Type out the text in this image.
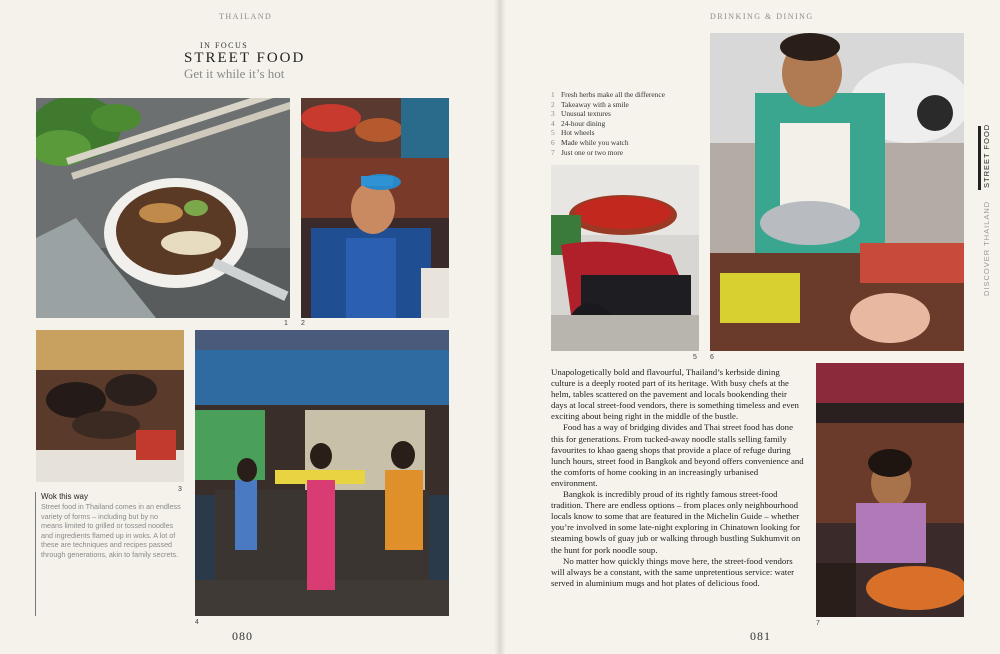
THAILAND
IN FOCUS
STREET FOOD
Get it while it’s hot
1 2
3
Wok this way
Street food in Thailand comes in an endless variety of forms – including but by no means limited to grilled or tossed noodles and ingredients flamed up in woks. A lot of these are techniques and recipes passed through generations, akin to family secrets.
4
080
DRINKING & DINING
1 Fresh herbs make all the difference
2 Takeaway with a smile
3 Unusual textures
4 24-hour dining
5 Hot wheels
6 Made while you watch
7 Just one or two more
5 6

Unapologetically bold and flavourful, Thailand’s kerbside dining culture is a deeply rooted part of its heritage. With busy chefs at the helm, tables scattered on the pavement and locals bookending their days at local street-food vendors, there is something timeless and even exciting about being right in the middle of the bustle.

Food has a way of bridging divides and Thai street food has done this for generations. From tucked-away noodle stalls selling family favourites to khao gaeng shops that provide a place of refuge during lunch hours, street food in Bangkok and beyond offers convenience and the comforts of home cooking in an increasingly urbanised environment.

Bangkok is incredibly proud of its rightly famous street-food tradition. There are endless options – from places only neighbourhood locals know to some that are featured in the Michelin Guide – whether you’re involved in some late-night exploring in Chinatown looking for steaming bowls of guay jub or walking through bustling Sukhumvit on the hunt for pork noodle soup.

No matter how quickly things move here, the street-food vendors will always be a constant, with the same unpretentious service: water served in aluminium mugs and hot plates of delicious food.

7
STREET FOOD
DISCOVER THAILAND
081
